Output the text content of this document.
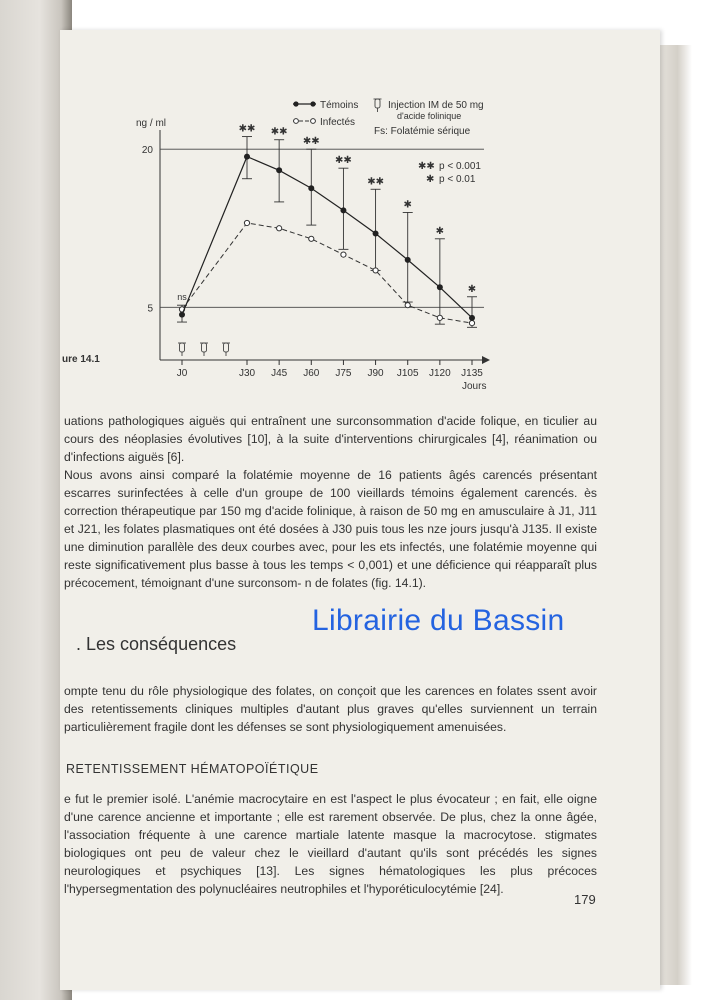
20
5
ng / ml
J0	J30 J45 J60 J75 J90 J105 J120 J135
Jours
ns
✱✱ ✱✱
✱✱
✱✱
✱✱
✱
✱
✱
Témoins
Infectés
Injection IM de 50 mg
d'acide folinique
Fs: Folatémie sérique
✱✱ p < 0.001
✱ p < 0.01
ure 14.1

uations pathologiques aiguës qui entraînent une surconsommation d'acide folique, en ticulier au cours des néoplasies évolutives [10], à la suite d'interventions chirurgicales [4], réanimation ou d'infections aiguës [6].

Nous avons ainsi comparé la folatémie moyenne de 16 patients âgés carencés présentant escarres surinfectées à celle d'un groupe de 100 vieillards témoins également carencés. ès correction thérapeutique par 150 mg d'acide folinique, à raison de 50 mg en amusculaire à J1, J11 et J21, les folates plasmatiques ont été dosées à J30 puis tous les nze jours jusqu'à J135. Il existe une diminution parallèle des deux courbes avec, pour les ets infectés, une folatémie moyenne qui reste significativement plus basse à tous les temps < 0,001) et une déficience qui réapparaît plus précocement, témoignant d'une surconsom- n de folates (fig. 14.1).

Librairie du Bassin
. Les conséquences

ompte tenu du rôle physiologique des folates, on conçoit que les carences en folates ssent avoir des retentissements cliniques multiples d'autant plus graves qu'elles surviennent un terrain particulièrement fragile dont les défenses se sont physiologiquement amenuisées.

RETENTISSEMENT HÉMATOPOÏÉTIQUE

e fut le premier isolé. L'anémie macrocytaire en est l'aspect le plus évocateur ; en fait, elle oigne d'une carence ancienne et importante ; elle est rarement observée. De plus, chez la onne âgée, l'association fréquente à une carence martiale latente masque la macrocytose. stigmates biologiques ont peu de valeur chez le vieillard d'autant qu'ils sont précédés les signes neurologiques et psychiques [13]. Les signes hématologiques les plus précoces l'hypersegmentation des polynucléaires neutrophiles et l'hyporéticulocytémie [24].

179
